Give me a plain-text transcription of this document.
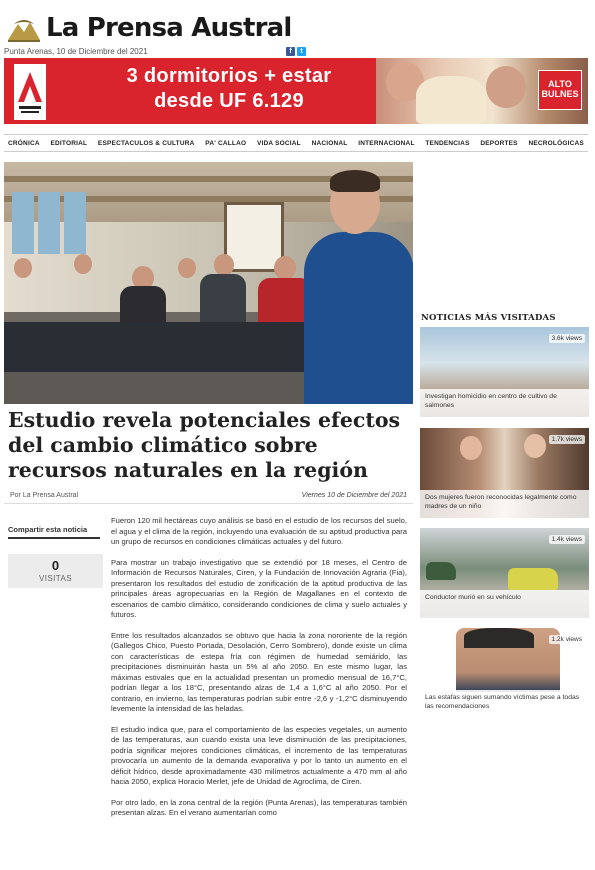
La Prensa Austral
Punta Arenas, 10 de Diciembre del 2021	f	t
3 dormitorios + estar
desde UF 6.129
ALTO BULNES
CRÓNICA EDITORIAL ESPECTACULOS & CULTURA PA' CALLAO VIDA SOCIAL NACIONAL INTERNACIONAL TENDENCIAS DEPORTES NECROLÓGICAS
Estudio revela potenciales efectos del cambio climático sobre recursos naturales en la región
Por La Prensa Austral	Viernes 10 de Diciembre del 2021
Compartir esta noticia
0
VISITAS

Fueron 120 mil hectáreas cuyo análisis se basó en el estudio de los recursos del suelo, el agua y el clima de la región, incluyendo una evaluación de su aptitud productiva para un grupo de recursos en condiciones climáticas actuales y del futuro.

Para mostrar un trabajo investigativo que se extendió por 18 meses, el Centro de Información de Recursos Naturales, Ciren, y la Fundación de Innovación Agraria (Fia), presentaron los resultados del estudio de zonificación de la aptitud productiva de las principales áreas agropecuarias en la Región de Magallanes en el contexto de escenarios de cambio climático, considerando condiciones de clima y suelo actuales y futuros.

Entre los resultados alcanzados se obtuvo que hacia la zona nororiente de la región (Gallegos Chico, Puesto Portada, Desolación, Cerro Sombrero), donde existe un clima con características de estepa fría con régimen de humedad semiárido, las precipitaciones disminuirán hasta un 5% al año 2050. En este mismo lugar, las máximas estivales que en la actualidad presentan un promedio mensual de 16,7°C, podrían llegar a los 18°C, presentando alzas de 1,4 a 1,6°C al año 2050. Por el contrario, en invierno, las temperaturas podrían subir entre -2,6 y -1,2°C disminuyendo levemente la intensidad de las heladas.

El estudio indica que, para el comportamiento de las especies vegetales, un aumento de las temperaturas, aun cuando exista una leve disminución de las precipitaciones, podría significar mejores condiciones climáticas, el incremento de las temperaturas provocaría un aumento de la demanda evaporativa y por lo tanto un aumento en el déficit hídrico, desde aproximadamente 430 milímetros actualmente a 470 mm al año hacia 2050, explica Horacio Merlet, jefe de Unidad de Agroclima, de Ciren.

Por otro lado, en la zona central de la región (Punta Arenas), las temperaturas también presentan alzas. En el verano aumentarían como

NOTICIAS MÁS VISITADAS
3.6k views
Investigan homicidio en centro de cultivo de salmones
1.7k views
Dos mujeres fueron reconocidas legalmente como madres de un niño
1.4k views
Conductor murió en su vehículo
1.2k views
Las estafas siguen sumando víctimas pese a todas las recomendaciones
